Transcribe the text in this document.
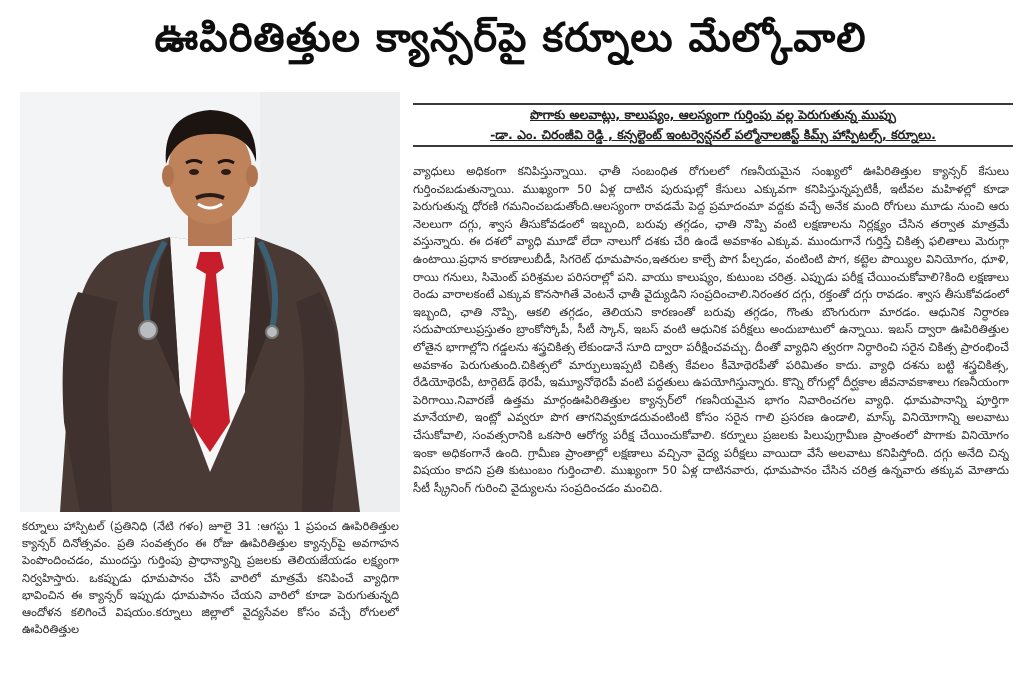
ఊపిరితిత్తుల క్యాన్సర్‌పై కర్నూలు మేల్కోవాలి
పొగాకు అలవాట్లు, కాలుష్యం, ఆలస్యంగా గుర్తింపు వల్ల పెరుగుతున్న ముప్పు
-డా. ఎం. చిరంజీవి రెడ్డి , కన్సల్టెంట్ ఇంటర్వెన్షనల్ పల్మోనాలజిస్ట్ కిమ్స్ హాస్పిటల్స్, కర్నూలు.

వ్యాధులు అధికంగా కనిపిస్తున్నాయి. ఛాతీ సంబంధిత రోగులలో గణనీయమైన సంఖ్యలో ఊపిరితిత్తుల క్యాన్సర్ కేసులు గుర్తించబడుతున్నాయి. ముఖ్యంగా 50 ఏళ్ల దాటిన పురుషుల్లో కేసులు ఎక్కువగా కనిపిస్తున్నప్పటికీ, ఇటీవల మహిళల్లో కూడా పెరుగుతున్న ధోరణి గమనించబడుతోంది.ఆలస్యంగా రావడమే పెద్ద ప్రమాదంమా వద్దకు వచ్చే అనేక మంది రోగులు మూడు నుంచి ఆరు నెలలుగా దగ్గు, శ్వాస తీసుకోవడంలో ఇబ్బంది, బరువు తగ్గడం, ఛాతి నొప్పి వంటి లక్షణాలను నిర్లక్ష్యం చేసిన తర్వాత మాత్రమే వస్తున్నారు. ఈ దశలో వ్యాధి మూడో లేదా నాలుగో దశకు చేరి ఉండే అవకాశం ఎక్కువ. ముందుగానే గుర్తిస్తే చికిత్స ఫలితాలు మెరుగ్గా ఉంటాయి.ప్రధాన కారణాలుబీడీ, సిగరెట్ ధూమపానం,ఇతరుల కాల్చే పొగ పీల్చడం, వంటింటి పొగ, కట్టెల పొయ్యిల వినియోగం, ధూళి, రాయి గనులు, సిమెంట్ పరిశ్రమల పరిసరాల్లో పని. వాయు కాలుష్యం, కుటుంబ చరిత్ర. ఎప్పుడు పరీక్ష చేయించుకోవాలి?కింది లక్షణాలు రెండు వారాలకంటే ఎక్కువ కొనసాగితే వెంటనే ఛాతీ వైద్యుడిని సంప్రదించాలి.నిరంతర దగ్గు, రక్తంతో దగ్గు రావడం. శ్వాస తీసుకోవడంలో ఇబ్బంది, ఛాతి నొప్పి, ఆకలి తగ్గడం, తెలియని కారణంతో బరువు తగ్గడం, గొంతు బొంగురుగా మారడం. ఆధునిక నిర్ధారణ సదుపాయాలుప్రస్తుతం బ్రాంకోస్కోపీ, సీటీ స్కాన్, ఇబస్ వంటి ఆధునిక పరీక్షలు అందుబాటులో ఉన్నాయి. ఇబస్ ద్వారా ఊపిరితిత్తుల లోతైన భాగాల్లోని గడ్డలను శస్త్రచికిత్స లేకుండానే సూది ద్వారా పరీక్షించవచ్చు. దీంతో వ్యాధిని త్వరగా నిర్ధారించి సరైన చికిత్స ప్రారంభించే అవకాశం పెరుగుతుంది.చికిత్సలో మార్పులుఇప్పటి చికిత్స కేవలం కీమోథెరపీతో పరిమితం కాదు. వ్యాధి దశను బట్టి శస్త్రచికిత్స, రేడియోథెరపీ, టార్గెటెడ్ థెరపీ, ఇమ్యూనోథెరపీ వంటి పద్ధతులు ఉపయోగిస్తున్నారు. కొన్ని రోగుల్లో దీర్ఘకాల జీవనావకాశాలు గణనీయంగా పెరిగాయి.నివారణే ఉత్తమ మార్గంఊపిరితిత్తుల క్యాన్సర్‌లో గణనీయమైన భాగం నివారించగల వ్యాధి. ధూమపానాన్ని పూర్తిగా మానేయాలి, ఇంట్లో ఎవ్వరూ పొగ తాగనివ్వకూడదువంటింటి కోసం సరైన గాలి ప్రసరణ ఉండాలి, మాస్క్ వినియోగాన్ని అలవాటు చేసుకోవాలి, సంవత్సరానికి ఒకసారి ఆరోగ్య పరీక్ష చేయించుకోవాలి. కర్నూలు ప్రజలకు పిలుపుగ్రామీణ ప్రాంతంలో పొగాకు వినియోగం ఇంకా అధికంగానే ఉంది. గ్రామీణ ప్రాంతాల్లో లక్షణాలు వచ్చినా వైద్య పరీక్షలు వాయిదా వేసే అలవాటు కనిపిస్తోంది. దగ్గు అనేది చిన్న విషయం కాదని ప్రతి కుటుంబం గుర్తించాలి. ముఖ్యంగా 50 ఏళ్ల దాటినవారు, ధూమపానం చేసిన చరిత్ర ఉన్నవారు తక్కువ మోతాదు సీటీ స్క్రీనింగ్ గురించి వైద్యులను సంప్రదించడం మంచిది.

కర్నూలు హాస్పిటల్ (ప్రతినిధి (నేటి గళం) జూలై 31 :ఆగస్టు 1 ప్రపంచ ఊపిరితిత్తుల క్యాన్సర్ దినోత్సవం. ప్రతి సంవత్సరం ఈ రోజు ఊపిరితిత్తుల క్యాన్సర్‌పై అవగాహన పెంపొందించడం, ముందస్తు గుర్తింపు ప్రాధాన్యాన్ని ప్రజలకు తెలియజేయడం లక్ష్యంగా నిర్వహిస్తారు. ఒకప్పుడు ధూమపానం చేసే వారిలో మాత్రమే కనిపించే వ్యాధిగా భావించిన ఈ క్యాన్సర్ ఇప్పుడు ధూమపానం చేయని వారిలో కూడా పెరుగుతున్నది ఆందోళన కలిగించే విషయం.కర్నూలు జిల్లాలో వైద్యసేవల కోసం వచ్చే రోగులలో ఊపిరితిత్తుల
